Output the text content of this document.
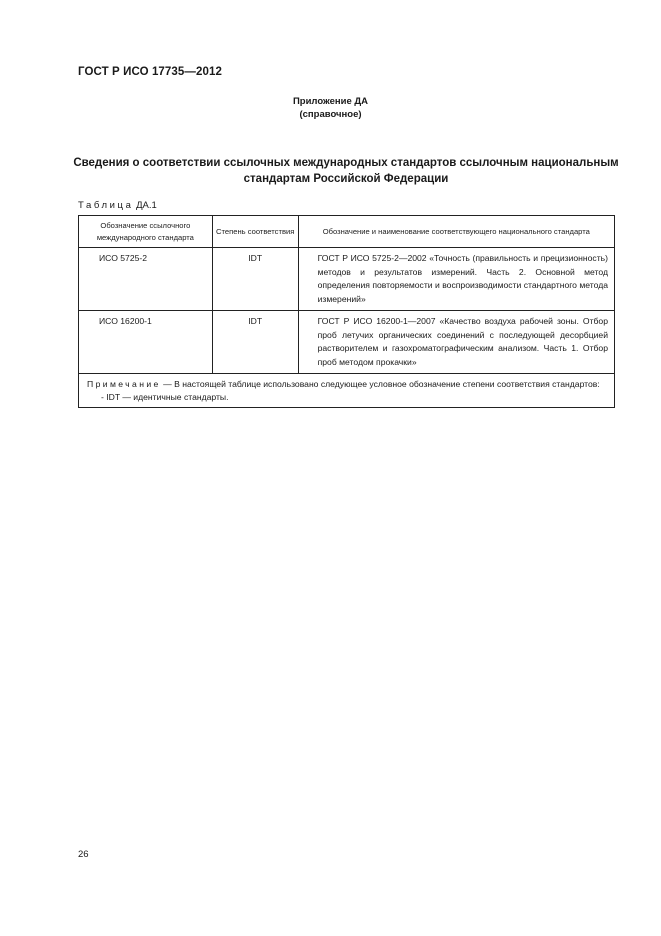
ГОСТ Р ИСО 17735—2012
Приложение ДА
(справочное)
Сведения о соответствии ссылочных международных стандартов ссылочным национальным
стандартам Российской Федерации
Таблица ДА.1
Обозначение ссылочного международного стандарта	Степень соответствия	Обозначение и наименование соответствующего национального стандарта
ИСО 5725-2	IDT	ГОСТ Р ИСО 5725-2—2002 «Точность (правильность и прецизионность) методов и результатов измерений. Часть 2. Основной метод определения повторяемости и воспроизводимости стандартного метода измерений»

ИСО 16200-1	IDT	ГОСТ Р ИСО 16200-1—2007 «Качество воздуха рабочей зоны. Отбор проб летучих органических соединений с последующей десорбцией растворителем и газохроматографическим анализом. Часть 1. Отбор проб методом прокачки»

Примечание — В настоящей таблице использовано следующее условное обозначение степени соответствия стандартов:
- IDT — идентичные стандарты.		
26
